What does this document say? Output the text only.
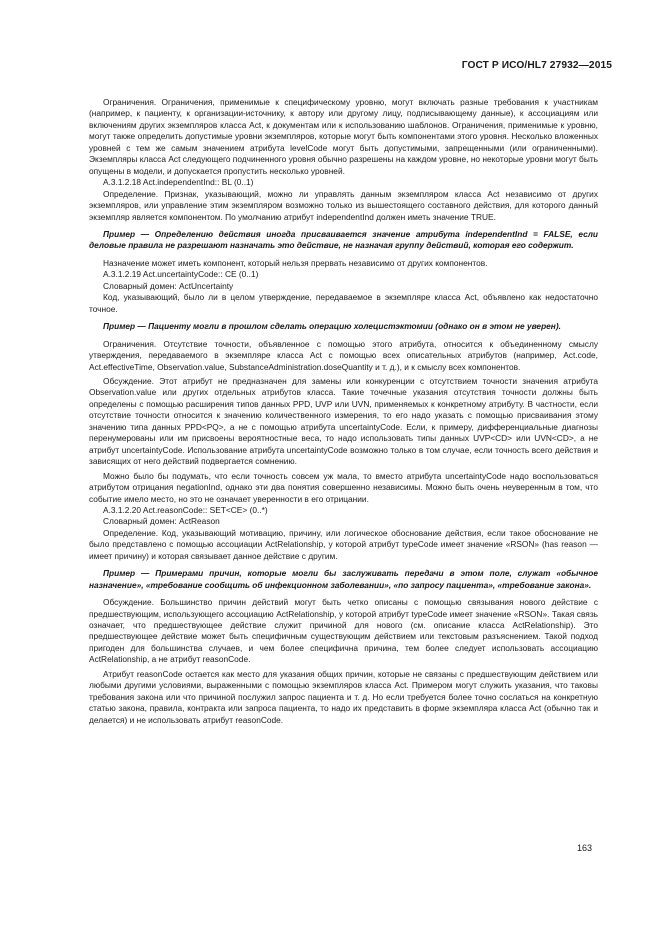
ГОСТ Р ИСО/HL7 27932—2015

Ограничения. Ограничения, применимые к специфическому уровню, могут включать разные требования к участникам (например, к пациенту, к организации-источнику, к автору или другому лицу, подписывающему данные), к ассоциациям или включениям других экземпляров класса Act, к документам или к использованию шаблонов. Ограничения, применимые к уровню, могут также определить допустимые уровни экземпляров, которые могут быть компонентами этого уровня. Несколько вложенных уровней с тем же самым значением атрибута levelCode могут быть допустимыми, запрещенными (или ограниченными). Экземпляры класса Act следующего подчиненного уровня обычно разрешены на каждом уровне, но некоторые уровни могут быть опущены в модели, и допускается пропустить несколько уровней.

A.3.1.2.18 Act.independentInd:: BL (0..1)

Определение. Признак, указывающий, можно ли управлять данным экземпляром класса Act независимо от других экземпляров, или управление этим экземпляром возможно только из вышестоящего составного действия, для которого данный экземпляр является компонентом. По умолчанию атрибут independentInd должен иметь значение TRUE.

Пример — Определению действия иногда присваивается значение атрибута independentInd = FALSE, если деловые правила не разрешают назначать это действие, не назначая группу действий, которая его содержит.

Назначение может иметь компонент, который нельзя прервать независимо от других компонентов.

A.3.1.2.19 Act.uncertaintyCode:: CE (0..1)

Словарный домен: ActUncertainty

Код, указывающий, было ли в целом утверждение, передаваемое в экземпляре класса Act, объявлено как недостаточно точное.

Пример — Пациенту могли в прошлом сделать операцию холецистэктомии (однако он в этом не уверен).

Ограничения. Отсутствие точности, объявленное с помощью этого атрибута, относится к объединенному смыслу утверждения, передаваемого в экземпляре класса Act с помощью всех описательных атрибутов (например, Act.code, Act.effectiveTime, Observation.value, SubstanceAdministration.doseQuantity и т. д.), и к смыслу всех компонентов.

Обсуждение. Этот атрибут не предназначен для замены или конкуренции с отсутствием точности значения атрибута Observation.value или других отдельных атрибутов класса. Такие точечные указания отсутствия точности должны быть определены с помощью расширения типов данных PPD, UVP или UVN, применяемых к конкретному атрибуту. В частности, если отсутствие точности относится к значению количественного измерения, то его надо указать с помощью присваивания этому значению типа данных PPD<PQ>, а не с помощью атрибута uncertaintyCode. Если, к примеру, дифференциальные диагнозы перенумерованы или им присвоены вероятностные веса, то надо использовать типы данных UVP<CD> или UVN<CD>, а не атрибут uncertaintyCode. Использование атрибута uncertaintyCode возможно только в том случае, если точность всего действия и зависящих от него действий подвергается сомнению.

Можно было бы подумать, что если точность совсем уж мала, то вместо атрибута uncertaintyCode надо воспользоваться атрибутом отрицания negationInd, однако эти два понятия совершенно независимы. Можно быть очень неуверенным в том, что событие имело место, но это не означает уверенности в его отрицании.

A.3.1.2.20 Act.reasonCode:: SET<CE> (0..*)

Словарный домен: ActReason

Определение. Код, указывающий мотивацию, причину, или логическое обоснование действия, если такое обоснование не было представлено с помощью ассоциации ActRelationship, у которой атрибут typeCode имеет значение «RSON» (has reason — имеет причину) и которая связывает данное действие с другим.

Пример — Примерами причин, которые могли бы заслуживать передачи в этом поле, служат «обычное назначение», «требование сообщить об инфекционном заболевании», «по запросу пациента», «требование закона».

Обсуждение. Большинство причин действий могут быть четко описаны с помощью связывания нового действие с предшествующим, использующего ассоциацию ActRelationship, у которой атрибут typeCode имеет значение «RSON». Такая связь означает, что предшествующее действие служит причиной для нового (см. описание класса ActRelationship). Это предшествующее действие может быть специфичным существующим действием или текстовым разъяснением. Такой подход пригоден для большинства случаев, и чем более специфична причина, тем более следует использовать ассоциацию ActRelationship, а не атрибут reasonCode.

Атрибут reasonCode остается как место для указания общих причин, которые не связаны с предшествующим действием или любыми другими условиями, выраженными с помощью экземпляров класса Act. Примером могут служить указания, что таковы требования закона или что причиной послужил запрос пациента и т. д. Но если требуется более точно сослаться на конкретную статью закона, правила, контракта или запроса пациента, то надо их представить в форме экземпляра класса Act (обычно так и делается) и не использовать атрибут reasonCode.

163
